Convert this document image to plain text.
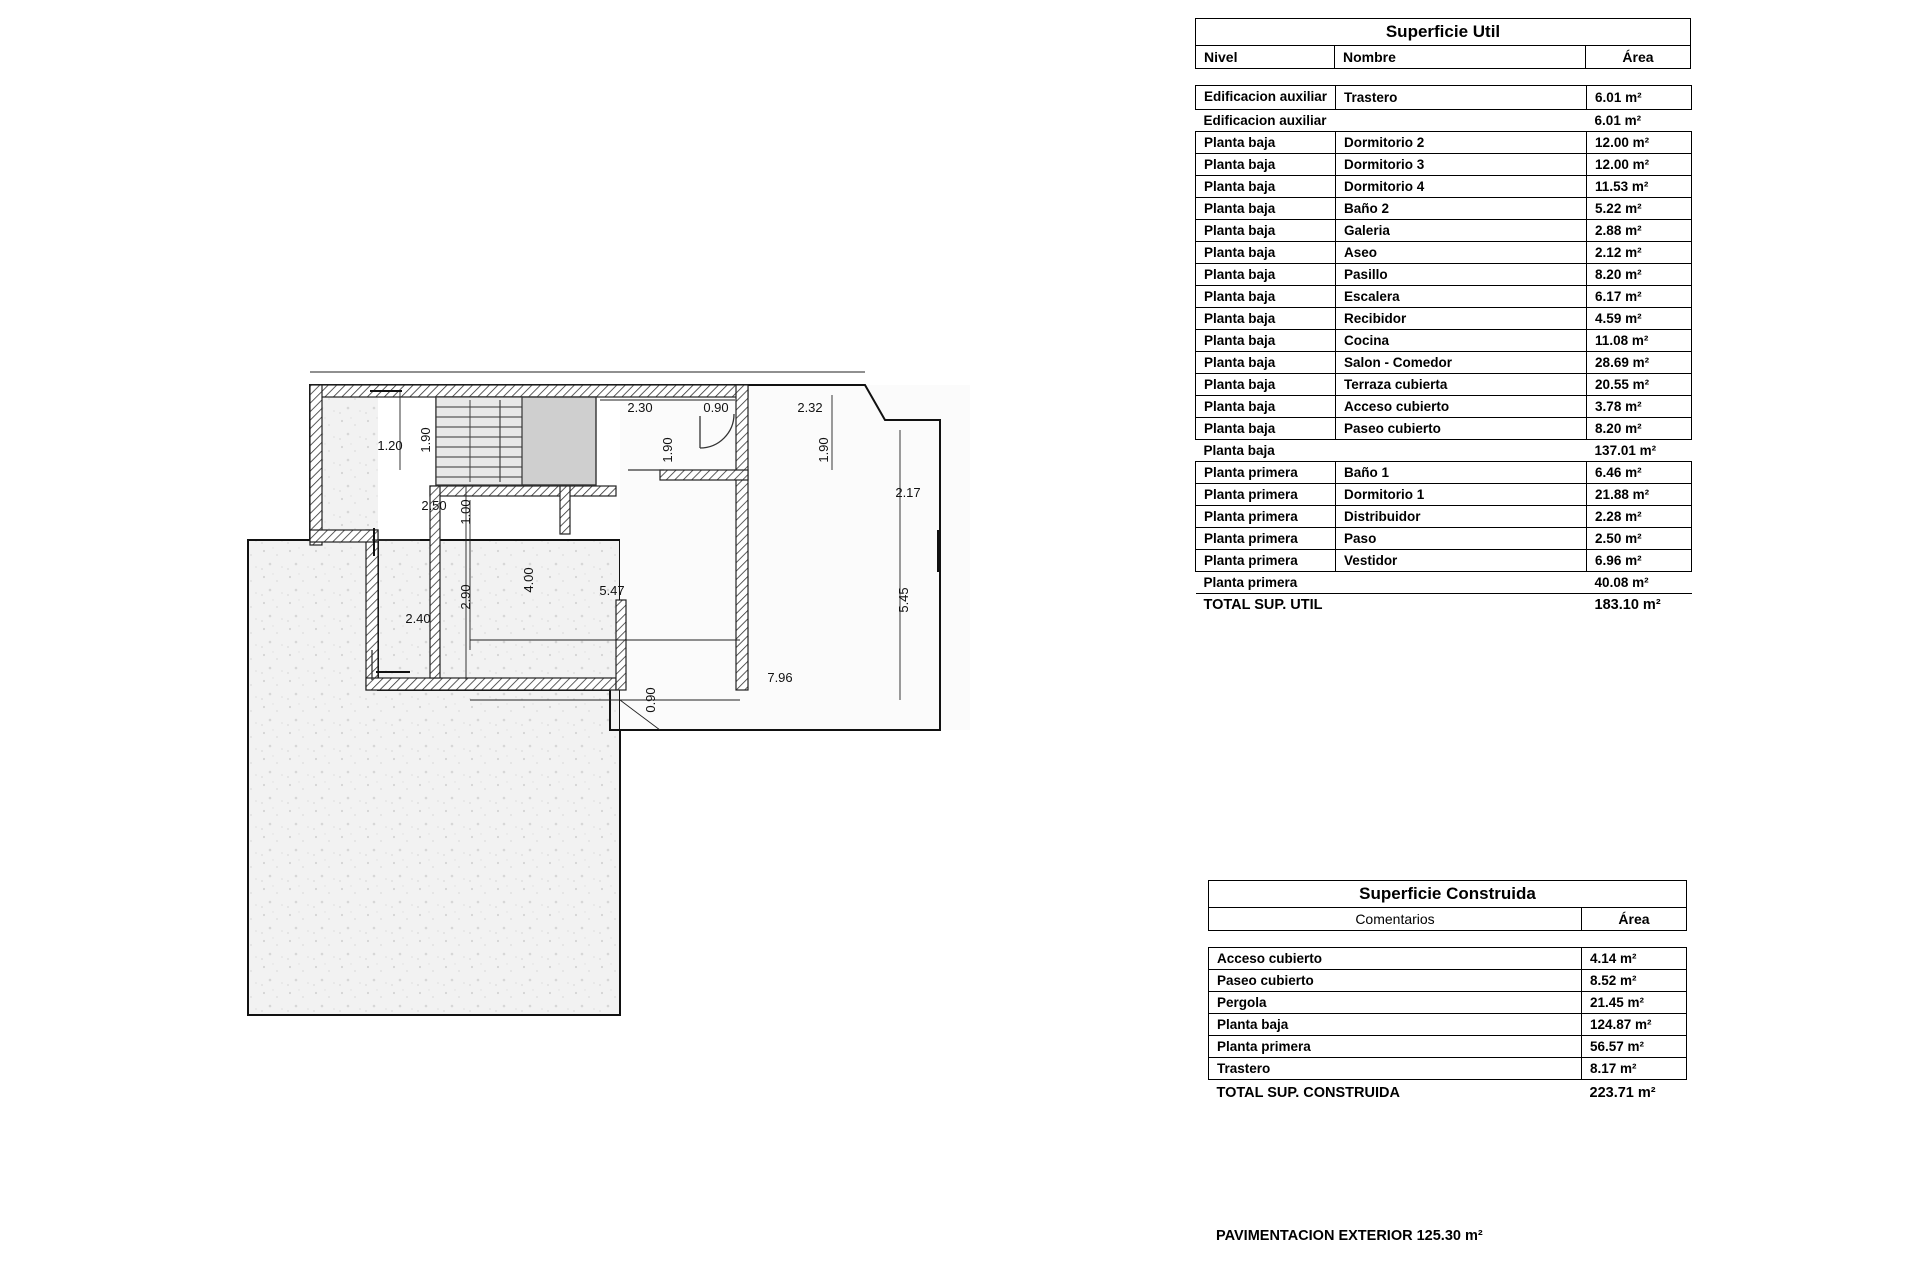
1.20 1.90
2.30	0.90	2.32
1.90	1.90
2.17
2.50 1.00
4.00
2.90
2.40
5.47	5.45
7.96
0.90
Superficie Util
Nivel	Nombre	Área
Edificacion auxiliar	Trastero	6.01 m²
Edificacion auxiliar		6.01 m²
Planta baja	Dormitorio 2	12.00 m²
Planta baja	Dormitorio 3	12.00 m²
Planta baja	Dormitorio 4	11.53 m²
Planta baja	Baño 2	5.22 m²
Planta baja	Galeria	2.88 m²
Planta baja	Aseo	2.12 m²
Planta baja	Pasillo	8.20 m²
Planta baja	Escalera	6.17 m²
Planta baja	Recibidor	4.59 m²
Planta baja	Cocina	11.08 m²
Planta baja	Salon - Comedor	28.69 m²
Planta baja	Terraza cubierta	20.55 m²
Planta baja	Acceso cubierto	3.78 m²
Planta baja	Paseo cubierto	8.20 m²
Planta baja		137.01 m²
Planta primera	Baño 1	6.46 m²
Planta primera	Dormitorio 1	21.88 m²
Planta primera	Distribuidor	2.28 m²
Planta primera	Paso	2.50 m²
Planta primera	Vestidor	6.96 m²
Planta primera		40.08 m²
TOTAL SUP. UTIL		183.10 m²
Superficie Construida
Comentarios	Área
Acceso cubierto	4.14 m²
Paseo cubierto	8.52 m²
Pergola	21.45 m²
Planta baja	124.87 m²
Planta primera	56.57 m²
Trastero	8.17 m²
TOTAL SUP. CONSTRUIDA	223.71 m²
PAVIMENTACION EXTERIOR 125.30 m²
